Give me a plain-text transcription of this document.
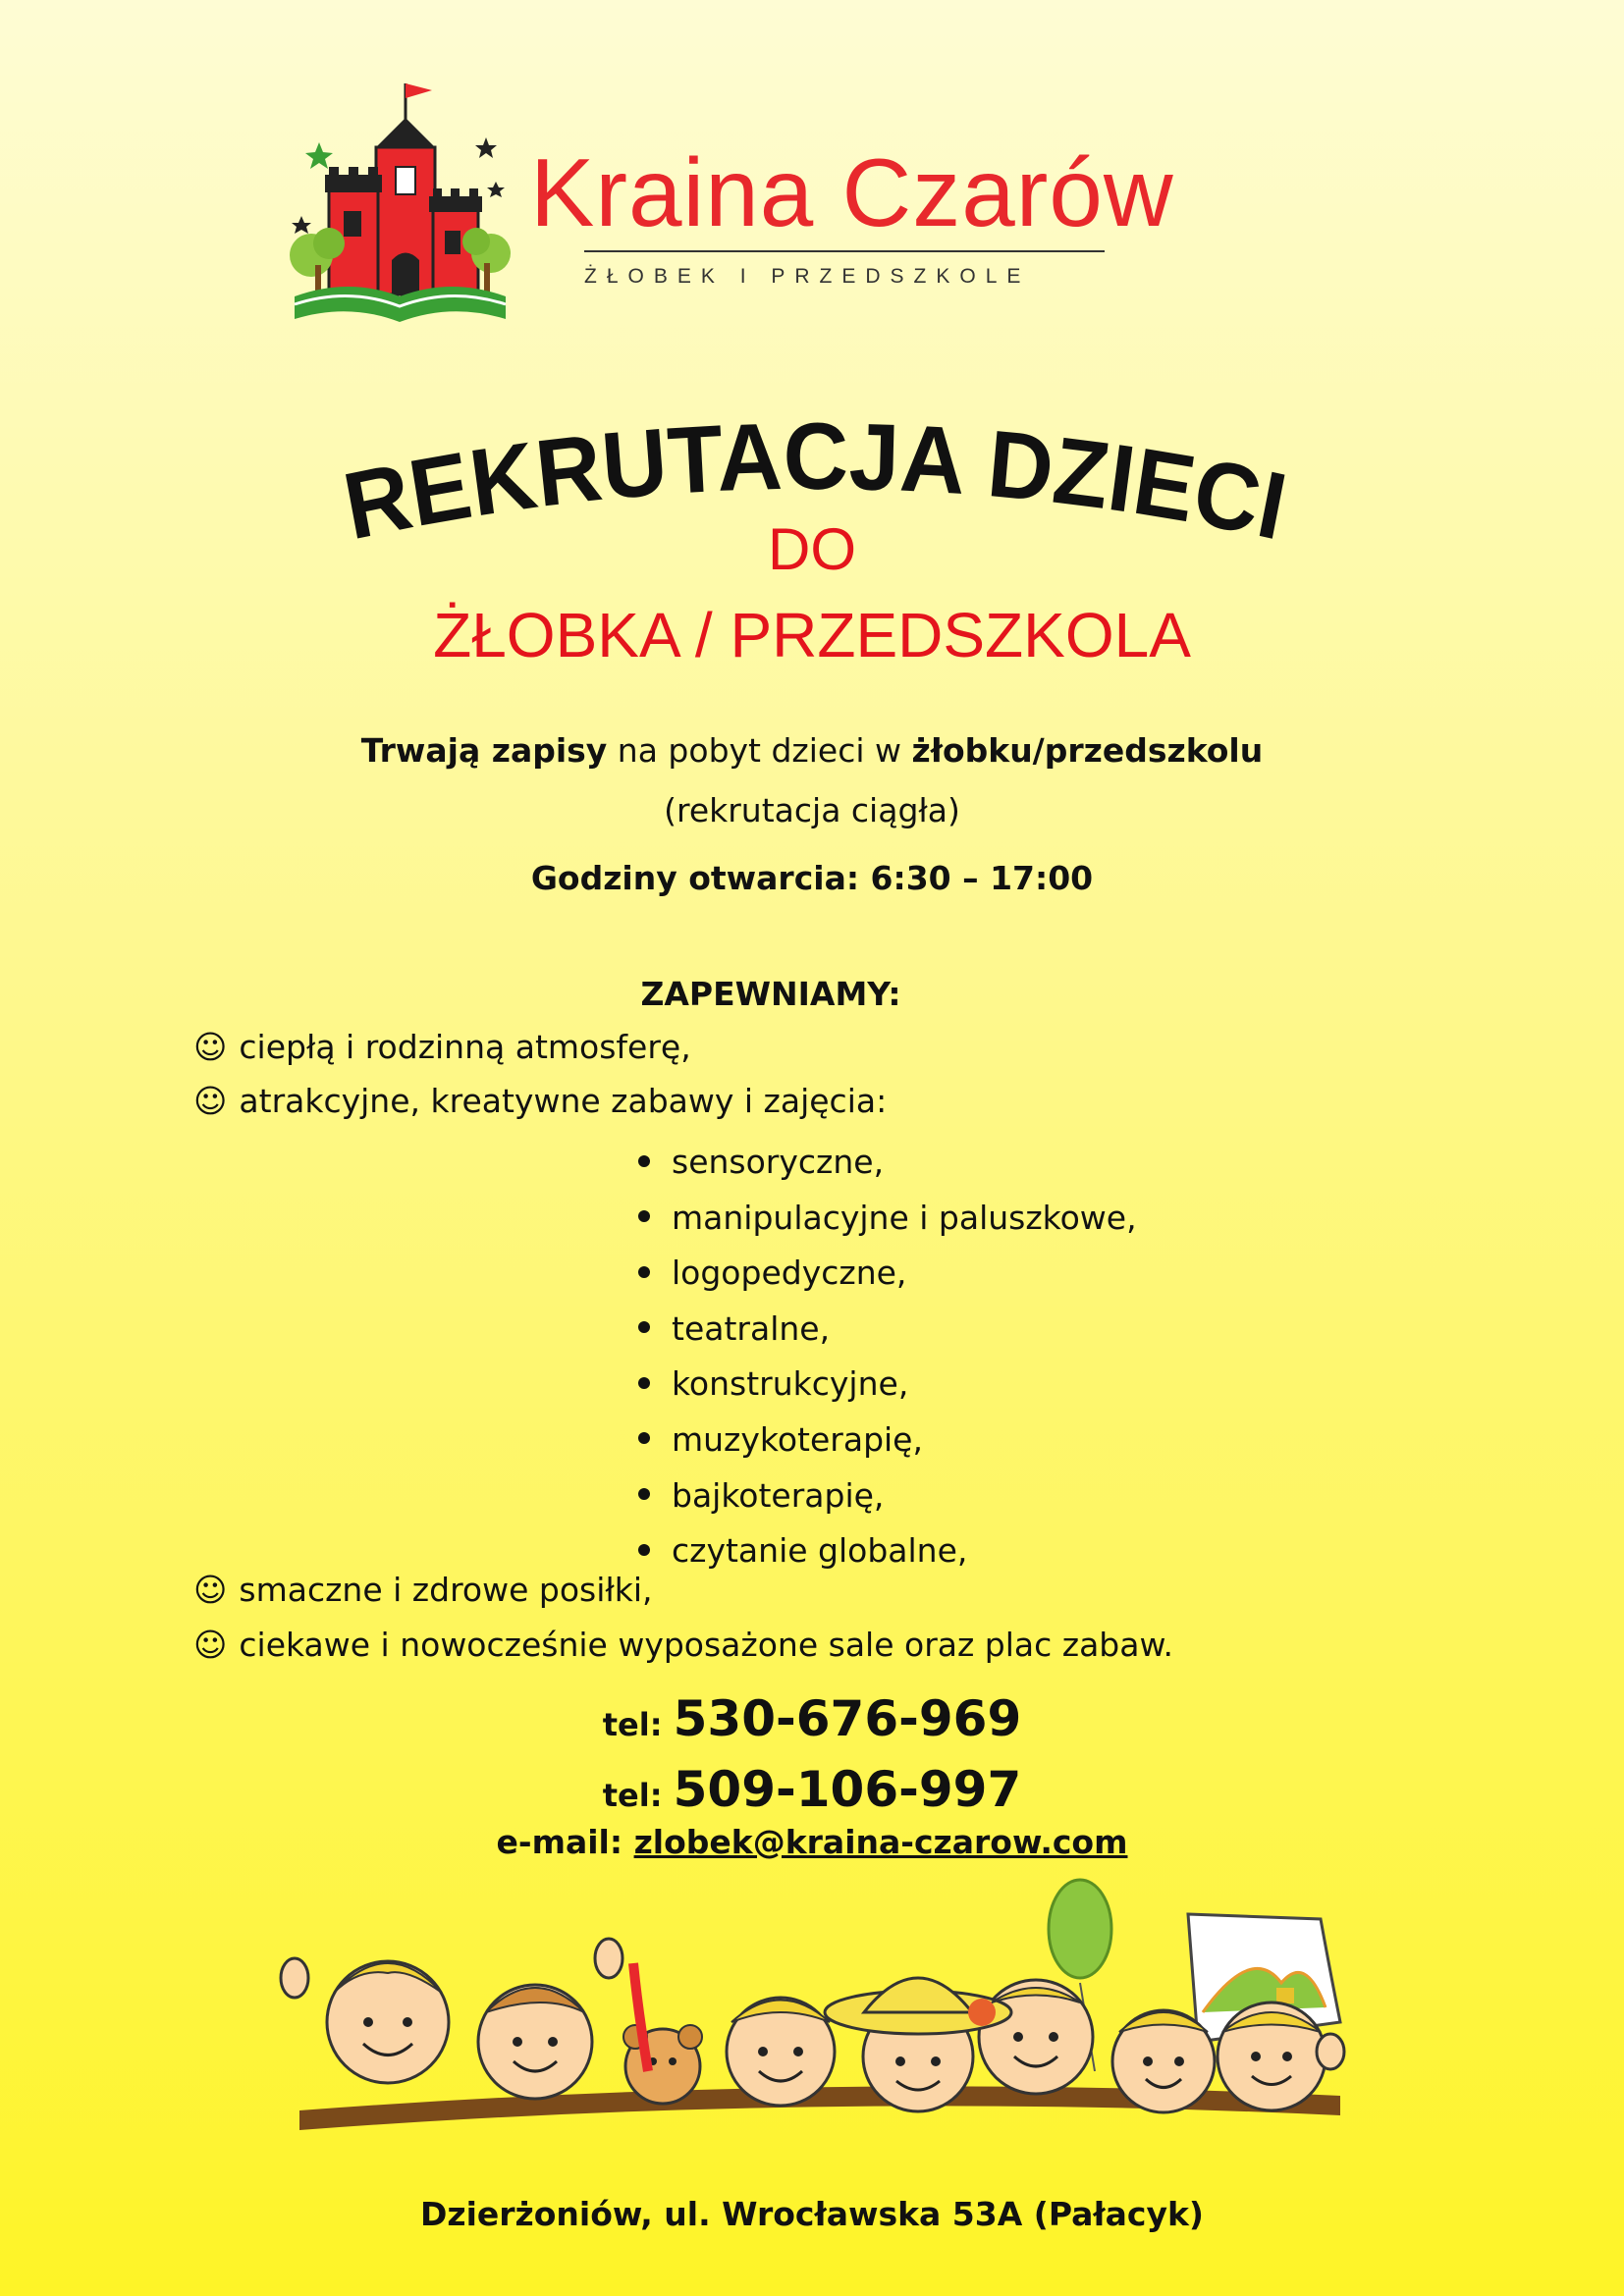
Kraina Czarów
ŻŁOBEK I PRZEDSZKOLE
REKRUTACJA DZIECI
DO
ŻŁOBKA / PRZEDSZKOLA
Trwają zapisy na pobyt dzieci w żłobku/przedszkolu
(rekrutacja ciągła)
Godziny otwarcia: 6:30 – 17:00
ZAPEWNIAMY:
☺ ciepłą i rodzinną atmosferę,
☺ atrakcyjne, kreatywne zabawy i zajęcia:
sensoryczne,
manipulacyjne i paluszkowe,
logopedyczne,
teatralne,
konstrukcyjne,
muzykoterapię,
bajkoterapię,
czytanie globalne,
☺ smaczne i zdrowe posiłki,
☺ ciekawe i nowocześnie wyposażone sale oraz plac zabaw.
tel: 530-676-969
tel: 509-106-997
e-mail: zlobek@kraina-czarow.com
Dzierżoniów, ul. Wrocławska 53A (Pałacyk)
